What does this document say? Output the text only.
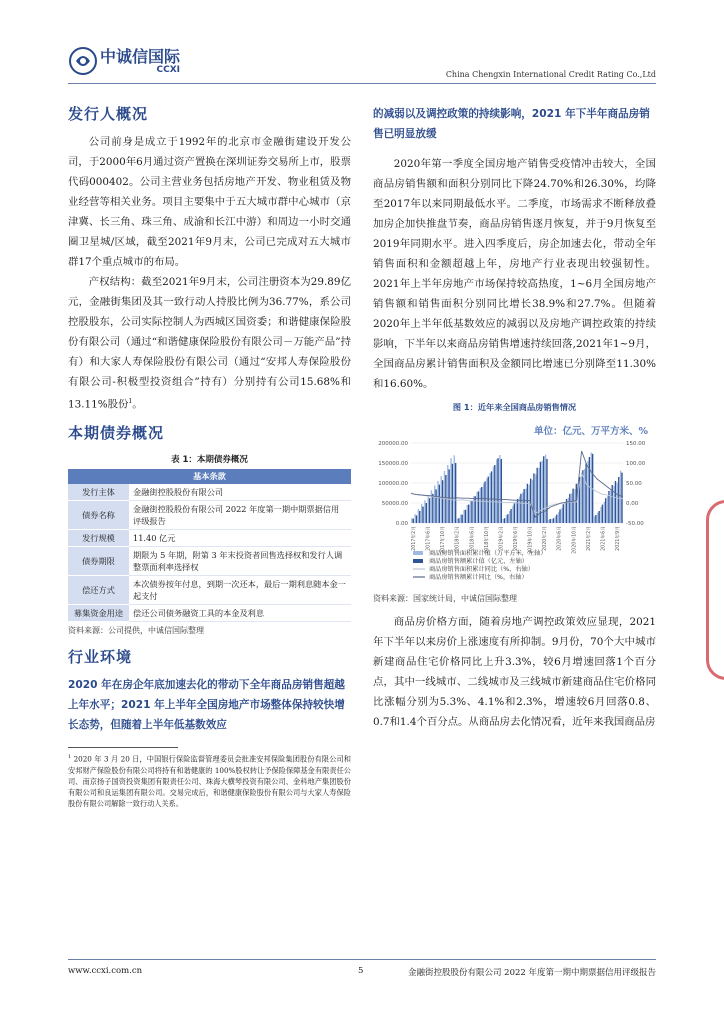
中诚信国际
CCXI	China Chengxin International Credit Rating Co.,Ltd
发行人概况

公司前身是成立于1992年的北京市金融街建设开发公司，于2000年6月通过资产置换在深圳证券交易所上市，股票代码000402。公司主营业务包括房地产开发、物业租赁及物业经营等相关业务。项目主要集中于五大城市群中心城市（京津冀、长三角、珠三角、成渝和长江中游）和周边一小时交通圈卫星城/区域，截至2021年9月末，公司已完成对五大城市群17个重点城市的布局。

产权结构：截至2021年9月末，公司注册资本为29.89亿元，金融街集团及其一致行动人持股比例为36.77%，系公司控股股东，公司实际控制人为西城区国资委；和谐健康保险股份有限公司（通过“和谐健康保险股份有限公司－万能产品”持有）和大家人寿保险股份有限公司（通过“安邦人寿保险股份有限公司-积极型投资组合”持有）分别持有公司15.68%和13.11%股份$^1$。

本期债券概况
表 1：本期债券概况
基本条款	
发行主体	金融街控股股份有限公司
债券名称	金融街控股股份有限公司 2022 年度第一期中期票据信用评级报告
发行规模	11.40 亿元
债券期限	期限为 5 年期，附第 3 年末投资者回售选择权和发行人调整票面利率选择权
偿还方式	本次债券按年付息，到期一次还本，最后一期利息随本金一起支付
募集资金用途	偿还公司债务融资工具的本金及利息
资料来源：公司提供，中诚信国际整理
行业环境
2020 年在房企年底加速去化的带动下全年商品房销售超越上年水平；2021 年上半年全国房地产市场整体保持较快增长态势，但随着上半年低基数效应
$^1$ 2020 年 3 月 20 日，中国银行保险监督管理委员会批准安邦保险集团股份有限公司和安邦财产保险股份有限公司将持有和谐健康的 100%股权转让予保险保障基金有限责任公司、南京扬子国资投资集团有限责任公司、珠海大横琴投资有限公司、金科地产集团股份有限公司和良运集团有限公司。交易完成后，和谐健康保险股份有限公司与大家人寿保险股份有限公司解除一致行动人关系。
的减弱以及调控政策的持续影响，2021 年下半年商品房销售已明显放缓

2020年第一季度全国房地产销售受疫情冲击较大，全国商品房销售额和面积分别同比下降24.70%和26.30%，均降至2017年以来同期最低水平。二季度，市场需求不断释放叠加房企加快推盘节奏，商品房销售逐月恢复，并于9月恢复至2019年同期水平。进入四季度后，房企加速去化，带动全年销售面积和金额超越上年，房地产行业表现出较强韧性。2021年上半年房地产市场保持较高热度，1~6月全国房地产销售额和销售面积分别同比增长38.9%和27.7%。但随着2020年上半年低基数效应的减弱以及房地产调控政策的持续影响，下半年以来商品房销售增速持续回落,2021年1~9月，全国商品房累计销售面积及金额同比增速已分别降至11.30%和16.60%。

图 1：近年来全国商品房销售情况
单位：亿元、万平方米、%
0.00
50000.00
100000.00
150000.00
200000.00
-50.00
0.00
50.00
100.00
150.00
2017年2月	2017年6月	2017年10月	2018年2月	2018年6月	2018年10月	2019年2月	2019年6月	2019年10月	2020年2月	2020年6月	2020年10月	2021年2月	2021年6月	2021年9月
商品房销售面积累计值（万平方米，左轴）
商品房销售额累计值（亿元，左轴）
商品房销售面积累计同比（%，右轴）
商品房销售额累计同比（%，右轴）
资料来源：国家统计局，中诚信国际整理

商品房价格方面，随着房地产调控政策效应显现，2021年下半年以来房价上涨速度有所抑制。9月份，70个大中城市新建商品住宅价格同比上升3.3%，较6月增速回落1个百分点，其中一线城市、二线城市及三线城市新建商品住宅价格同比涨幅分别为5.3%、4.1%和2.3%，增速较6月回落0.8、0.7和1.4个百分点。从商品房去化情况看，近年来我国商品房

www.ccxi.com.cn	5	金融街控股股份有限公司 2022 年度第一期中期票据信用评级报告
